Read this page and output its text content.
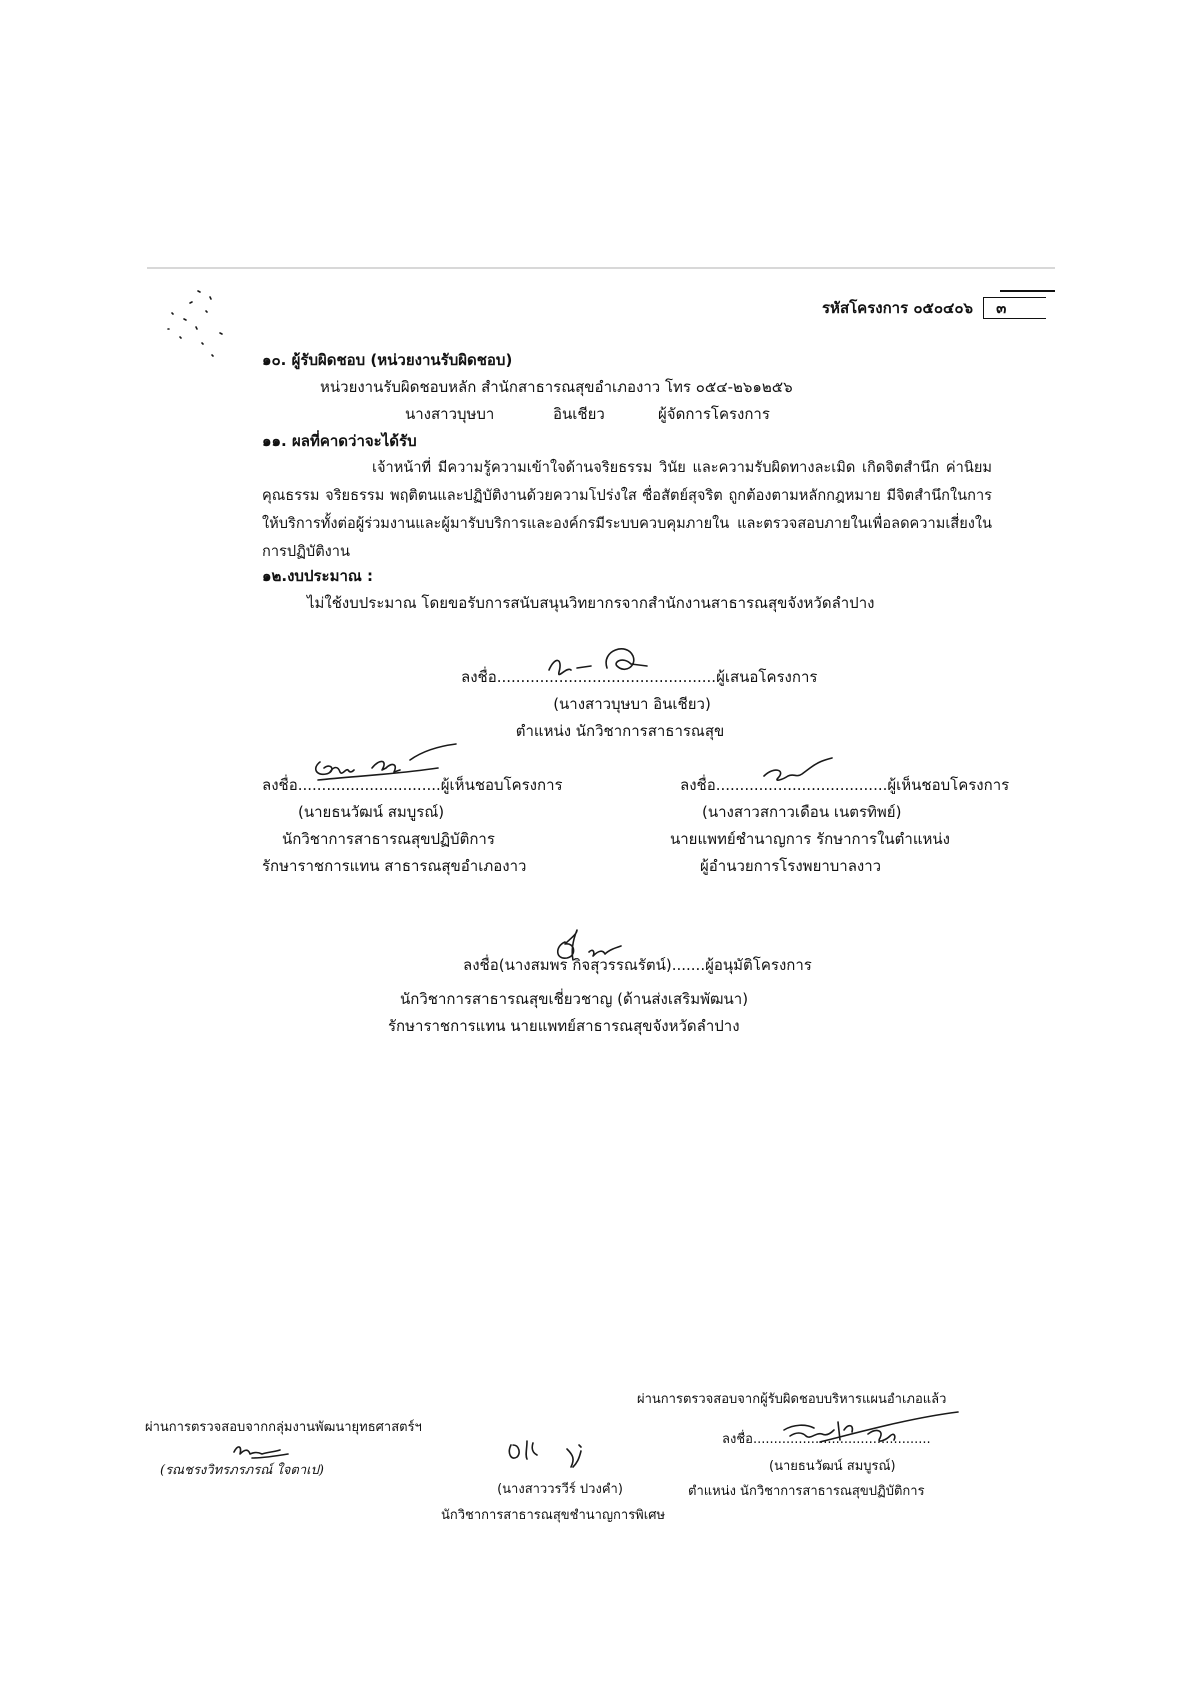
รหัสโครงการ ๐๕๐๔๐๖ ๓
๑๐. ผู้รับผิดชอบ (หน่วยงานรับผิดชอบ)
หน่วยงานรับผิดชอบหลัก สำนักสาธารณสุขอำเภองาว โทร ๐๕๔-๒๖๑๒๕๖
นางสาวบุษบา	อินเชียว	ผู้จัดการโครงการ
๑๑. ผลที่คาดว่าจะได้รับ
เจ้าหน้าที่ มีความรู้ความเข้าใจด้านจริยธรรม วินัย และความรับผิดทางละเมิด เกิดจิตสำนึก ค่านิยม คุณธรรม จริยธรรม พฤติตนและปฏิบัติงานด้วยความโปร่งใส ซื่อสัตย์สุจริต ถูกต้องตามหลักกฎหมาย มีจิตสำนึกในการให้บริการทั้งต่อผู้ร่วมงานและผู้มารับบริการและองค์กรมีระบบควบคุมภายใน และตรวจสอบภายในเพื่อลดความเสี่ยงในการปฏิบัติงาน
๑๒.งบประมาณ :
ไม่ใช้งบประมาณ โดยขอรับการสนับสนุนวิทยากรจากสำนักงานสาธารณสุขจังหวัดลำปาง
ลงชื่อ..............................................ผู้เสนอโครงการ
(นางสาวบุษบา อินเชียว)
ตำแหน่ง นักวิชาการสาธารณสุข
ลงชื่อ..............................ผู้เห็นชอบโครงการ
(นายธนวัฒน์ สมบูรณ์)
นักวิชาการสาธารณสุขปฏิบัติการ
รักษาราชการแทน สาธารณสุขอำเภองาว
ลงชื่อ....................................ผู้เห็นชอบโครงการ
(นางสาวสกาวเดือน เนตรทิพย์)
นายแพทย์ชำนาญการ รักษาการในตำแหน่ง
ผู้อำนวยการโรงพยาบาลงาว
ลงชื่อ(นางสมพร กิจสุวรรณรัตน์).......ผู้อนุมัติโครงการ
นักวิชาการสาธารณสุขเชี่ยวชาญ (ด้านส่งเสริมพัฒนา)
รักษาราชการแทน นายแพทย์สาธารณสุขจังหวัดลำปาง
ผ่านการตรวจสอบจากผู้รับผิดชอบบริหารแผนอำเภอแล้ว
ลงชื่อ...........................................
(นายธนวัฒน์ สมบูรณ์)
ตำแหน่ง นักวิชาการสาธารณสุขปฏิบัติการ
ผ่านการตรวจสอบจากกลุ่มงานพัฒนายุทธศาสตร์ฯ
(รณชรงวิทรภรภรณ์ ใจตาเป)
(นางสาววรวีร์ ปวงคำ)
นักวิชาการสาธารณสุขชำนาญการพิเศษ
